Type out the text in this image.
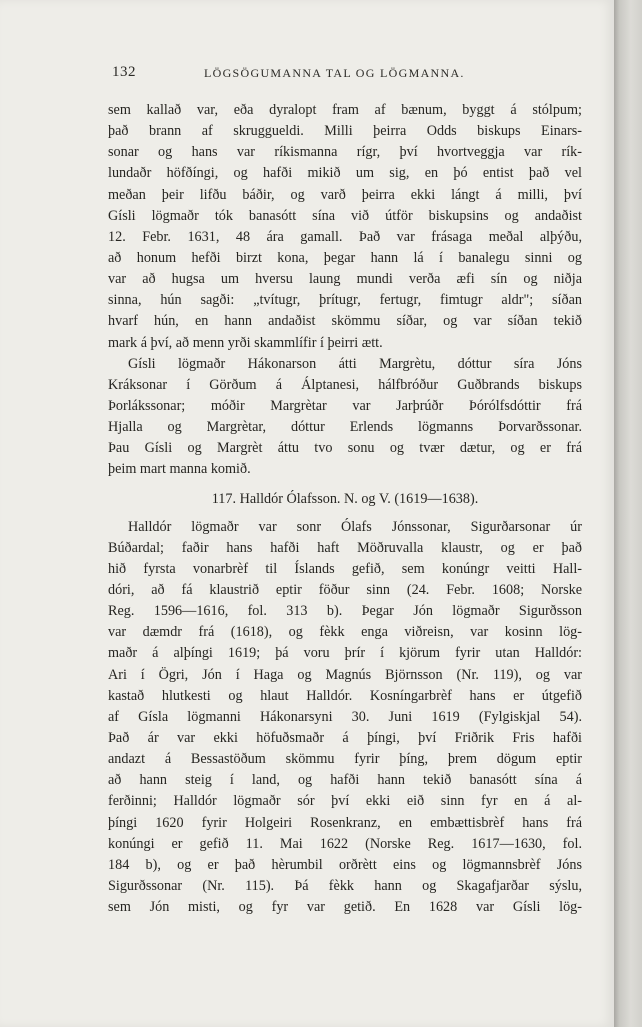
132	LÖGSÖGUMANNA TAL OG LÖGMANNA.
sem kallað var, eða dyralopt fram af bænum, byggt á stólpum;
það brann af skruggueldi. Milli þeirra Odds biskups Einars-
sonar og hans var ríkismanna rígr, því hvortveggja var rík-
lundaðr höfðíngi, og hafði mikið um sig, en þó entist það vel
meðan þeir lifðu báðir, og varð þeirra ekki lángt á milli, því
Gísli lögmaðr tók banasótt sína við útför biskupsins og andaðist
12. Febr. 1631, 48 ára gamall. Það var frásaga meðal alþýðu,
að honum hefði birzt kona, þegar hann lá í banalegu sinni og
var að hugsa um hversu laung mundi verða æfi sín og niðja
sinna, hún sagði: „tvítugr, þrítugr, fertugr, fimtugr aldr"; síðan
hvarf hún, en hann andaðist skömmu síðar, og var síðan tekið
mark á því, að menn yrði skammlífir í þeirri ætt.
Gísli lögmaðr Hákonarson átti Margrètu, dóttur síra Jóns
Kráksonar í Görðum á Álptanesi, hálfbróður Guðbrands biskups
Þorlákssonar; móðir Margrètar var Jarþrúðr Þórólfsdóttir frá
Hjalla og Margrètar, dóttur Erlends lögmanns Þorvarðssonar.
Þau Gísli og Margrèt áttu tvo sonu og tvær dætur, og er frá
þeim mart manna komið.
117. Halldór Ólafsson. N. og V. (1619—1638).
Halldór lögmaðr var sonr Ólafs Jónssonar, Sigurðarsonar úr
Búðardal; faðir hans hafði haft Möðruvalla klaustr, og er það
hið fyrsta vonarbrèf til Íslands gefið, sem konúngr veitti Hall-
dóri, að fá klaustrið eptir föður sinn (24. Febr. 1608; Norske
Reg. 1596—1616, fol. 313 b). Þegar Jón lögmaðr Sigurðsson
var dæmdr frá (1618), og fèkk enga viðreisn, var kosinn lög-
maðr á alþíngi 1619; þá voru þrír í kjörum fyrir utan Halldór:
Ari í Ögri, Jón í Haga og Magnús Björnsson (Nr. 119), og var
kastað hlutkesti og hlaut Halldór. Kosníngarbrèf hans er útgefið
af Gísla lögmanni Hákonarsyni 30. Juni 1619 (Fylgiskjal 54).
Það ár var ekki höfuðsmaðr á þíngi, því Friðrik Fris hafði
andazt á Bessastöðum skömmu fyrir þíng, þrem dögum eptir
að hann steig í land, og hafði hann tekið banasótt sína á
ferðinni; Halldór lögmaðr sór því ekki eið sinn fyr en á al-
þíngi 1620 fyrir Holgeiri Rosenkranz, en embættisbrèf hans frá
konúngi er gefið 11. Mai 1622 (Norske Reg. 1617—1630, fol.
184 b), og er það hèrumbil orðrètt eins og lögmannsbrèf Jóns
Sigurðssonar (Nr. 115). Þá fèkk hann og Skagafjarðar sýslu,
sem Jón misti, og fyr var getið. En 1628 var Gísli lög-
